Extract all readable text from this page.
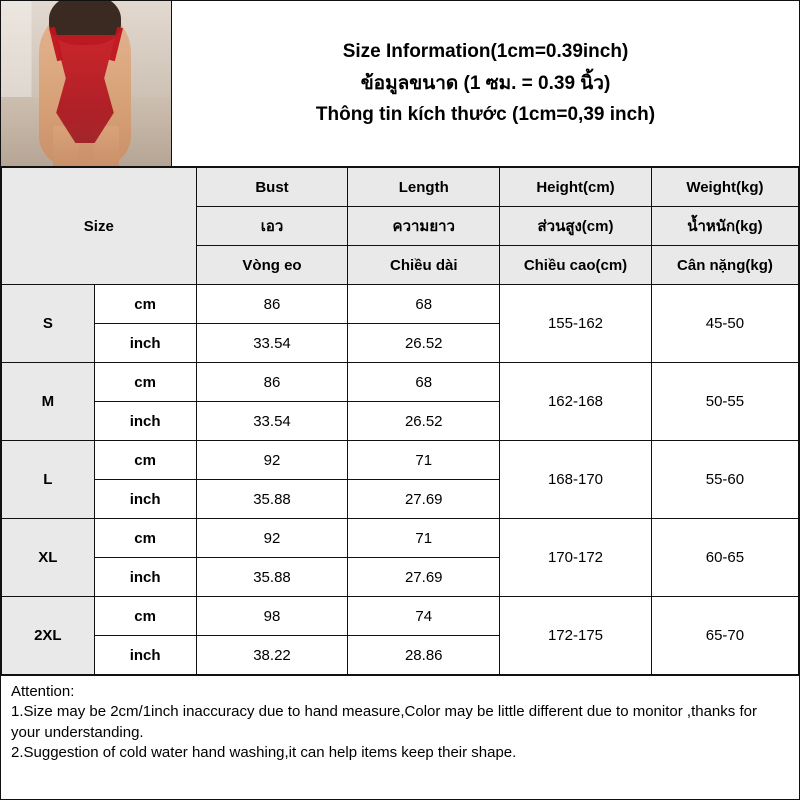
Size Information(1cm=0.39inch)
ข้อมูลขนาด (1 ซม. = 0.39 นิ้ว)
Thông tin kích thước (1cm=0,39 inch)
Size		Bust	Length	Height(cm)	Weight(kg)
		เอว	ความยาว	ส่วนสูง(cm)	น้ำหนัก(kg)
		Vòng eo	Chiều dài	Chiều cao(cm)	Cân nặng(kg)
S	cm	86	68	155-162	45-50
	inch	33.54	26.52		
M	cm	86	68	162-168	50-55
	inch	33.54	26.52		
L	cm	92	71	168-170	55-60
	inch	35.88	27.69		
XL	cm	92	71	170-172	60-65
	inch	35.88	27.69		
2XL	cm	98	74	172-175	65-70
	inch	38.22	28.86		
Attention:
1.Size may be 2cm/1inch inaccuracy due to hand measure,Color may be little different due to monitor ,thanks for your understanding.
2.Suggestion of cold water hand washing,it can help items keep their shape.
